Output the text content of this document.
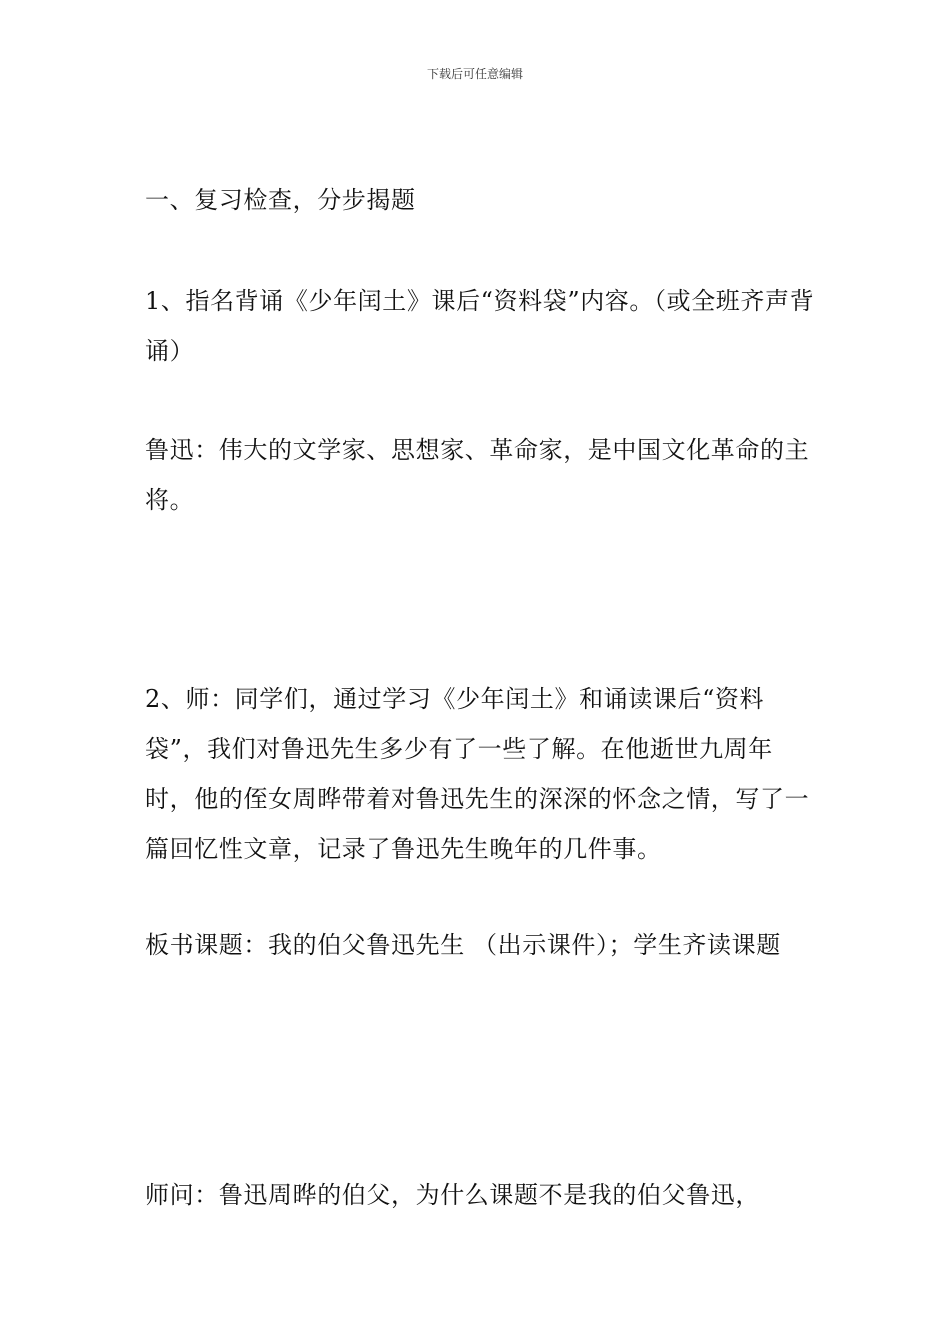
下载后可任意编辑

一、复习检查，分步揭题

1、指名背诵《少年闰土》课后“资料袋”内容。（或全班齐声背诵）

鲁迅：伟大的文学家、思想家、革命家，是中国文化革命的主将。

2、师：同学们，通过学习《少年闰土》和诵读课后“资料袋”，我们对鲁迅先生多少有了一些了解。在他逝世九周年时，他的侄女周晔带着对鲁迅先生的深深的怀念之情，写了一篇回忆性文章，记录了鲁迅先生晚年的几件事。

板书课题：我的伯父鲁迅先生 （出示课件）；学生齐读课题

师问：鲁迅周晔的伯父，为什么课题不是我的伯父鲁迅，
